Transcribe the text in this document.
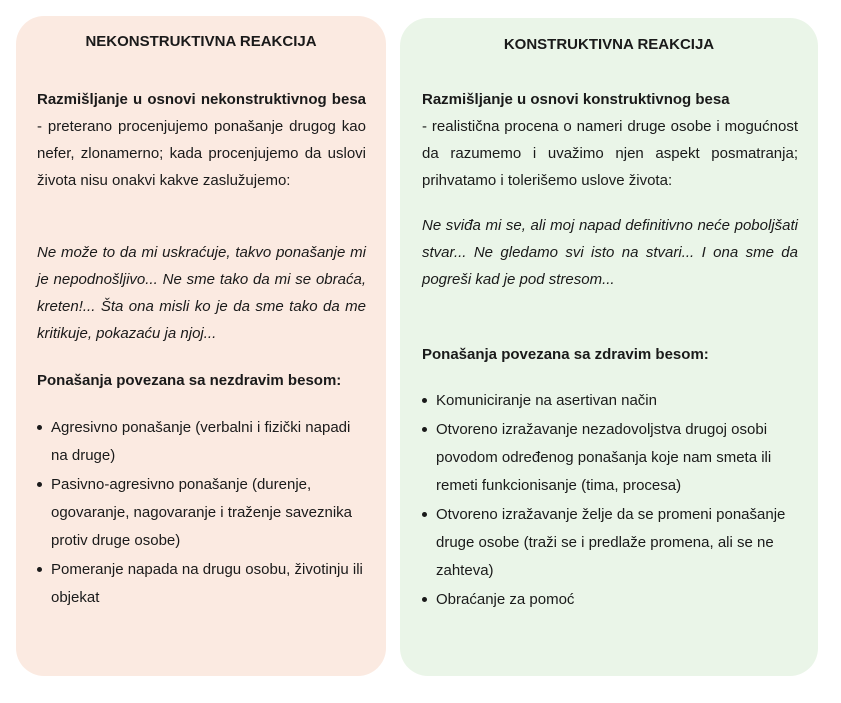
NEKONSTRUKTIVNA REAKCIJA
Razmišljanje u osnovi nekonstruktivnog besa - preterano procenjujemo ponašanje drugog kao nefer, zlonamerno; kada procenjujemo da uslovi života nisu onakvi kakve zaslužujemo:
Ne može to da mi uskraćuje, takvo ponašanje mi je nepodnošljivo... Ne sme tako da mi se obraća, kreten!... Šta ona misli ko je da sme tako da me kritikuje, pokazaću ja njoj...
Ponašanja povezana sa nezdravim besom:
Agresivno ponašanje (verbalni i fizički napadi na druge)
Pasivno-agresivno ponašanje (durenje, ogovaranje, nagovaranje i traženje saveznika protiv druge osobe)
Pomeranje napada na drugu osobu, životinju ili objekat
KONSTRUKTIVNA REAKCIJA
Razmišljanje u osnovi konstruktivnog besa
- realistična procena o nameri druge osobe i mogućnost da razumemo i uvažimo njen aspekt posmatranja; prihvatamo i tolerišemo uslove života:
Ne sviđa mi se, ali moj napad definitivno neće poboljšati stvar... Ne gledamo svi isto na stvari... I ona sme da pogreši kad je pod stresom...
Ponašanja povezana sa zdravim besom:
Komuniciranje na asertivan način
Otvoreno izražavanje nezadovoljstva drugoj osobi povodom određenog ponašanja koje nam smeta ili remeti funkcionisanje (tima, procesa)
Otvoreno izražavanje želje da se promeni ponašanje druge osobe (traži se i predlaže promena, ali se ne zahteva)
Obraćanje za pomoć
